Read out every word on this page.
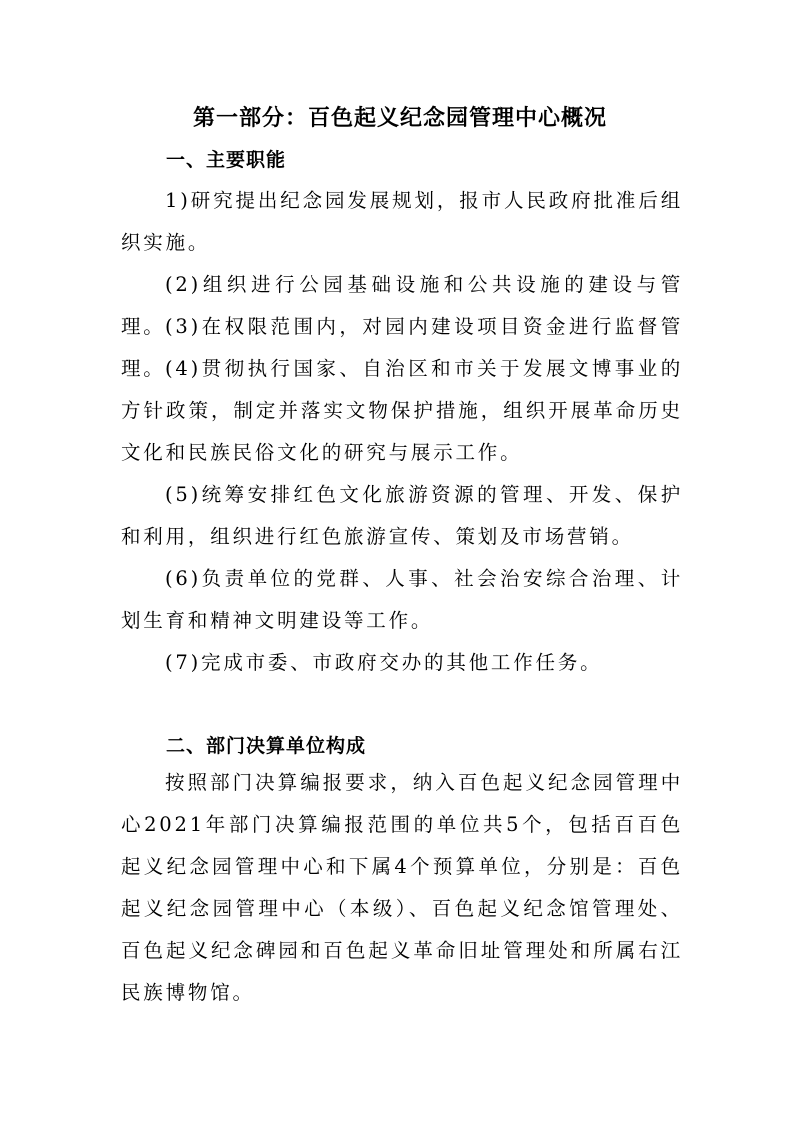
第一部分：百色起义纪念园管理中心概况
一、主要职能

1)研究提出纪念园发展规划，报市人民政府批准后组织实施。

(2)组织进行公园基础设施和公共设施的建设与管理。 (3)在权限范围内，对园内建设项目资金进行监督管理。 (4)贯彻执行国家、自治区和市关于发展文博事业的方针政策，制定并落实文物保护措施，组织开展革命历史文化和民族民俗文化的研究与展示工作。

(5)统筹安排红色文化旅游资源的管理、开发、保护和利用，组织进行红色旅游宣传、策划及市场营销。

(6)负责单位的党群、人事、社会治安综合治理、计划生育和精神文明建设等工作。

(7)完成市委、市政府交办的其他工作任务。

二、部门决算单位构成

按照部门决算编报要求，纳入百色起义纪念园管理中心2021年部门决算编报范围的单位共5个，包括百百色起义纪念园管理中心和下属4个预算单位，分别是：百色起义纪念园管理中心（本级）、百色起义纪念馆管理处、百色起义纪念碑园和百色起义革命旧址管理处和所属右江民族博物馆。
